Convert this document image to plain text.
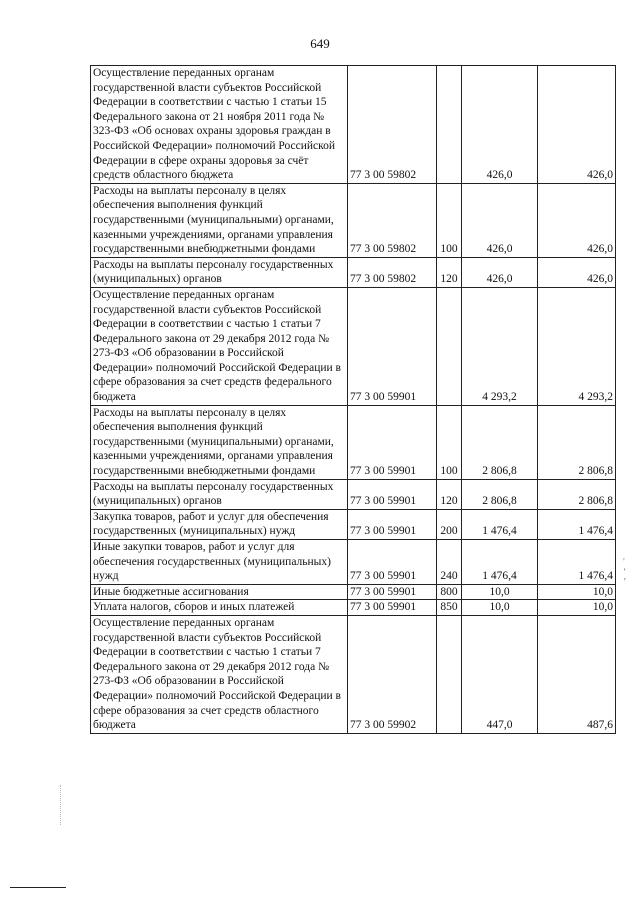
649
Осуществление переданных органам государственной власти субъектов Российской Федерации в соответствии с частью 1 статьи 15 Федерального закона от 21 ноября 2011 года № 323-ФЗ «Об основах охраны здоровья граждан в Российской Федерации» полномочий Российской Федерации в сфере охраны здоровья за счёт средств областного бюджета	77 3 00 59802		426,0	426,0
Расходы на выплаты персоналу в целях обеспечения выполнения функций государственными (муниципальными) органами, казенными учреждениями, органами управления государственными внебюджетными фондами	77 3 00 59802	100	426,0	426,0
Расходы на выплаты персоналу государственных (муниципальных) органов	77 3 00 59802	120	426,0	426,0
Осуществление переданных органам государственной власти субъектов Российской Федерации в соответствии с частью 1 статьи 7 Федерального закона от 29 декабря 2012 года № 273-ФЗ «Об образовании в Российской Федерации» полномочий Российской Федерации в сфере образования за счет средств федерального бюджета	77 3 00 59901		4 293,2	4 293,2
Расходы на выплаты персоналу в целях обеспечения выполнения функций государственными (муниципальными) органами, казенными учреждениями, органами управления государственными внебюджетными фондами	77 3 00 59901	100	2 806,8	2 806,8
Расходы на выплаты персоналу государственных (муниципальных) органов	77 3 00 59901	120	2 806,8	2 806,8
Закупка товаров, работ и услуг для обеспечения государственных (муниципальных) нужд	77 3 00 59901	200	1 476,4	1 476,4
Иные закупки товаров, работ и услуг для обеспечения государственных (муниципальных) нужд	77 3 00 59901	240	1 476,4	1 476,4
Иные бюджетные ассигнования	77 3 00 59901	800	10,0	10,0
Уплата налогов, сборов и иных платежей	77 3 00 59901	850	10,0	10,0
Осуществление переданных органам государственной власти субъектов Российской Федерации в соответствии с частью 1 статьи 7 Федерального закона от 29 декабря 2012 года № 273-ФЗ «Об образовании в Российской Федерации» полномочий Российской Федерации в сфере образования за счет средств областного бюджета	77 3 00 59902		447,0	487,6
'
‘
’
